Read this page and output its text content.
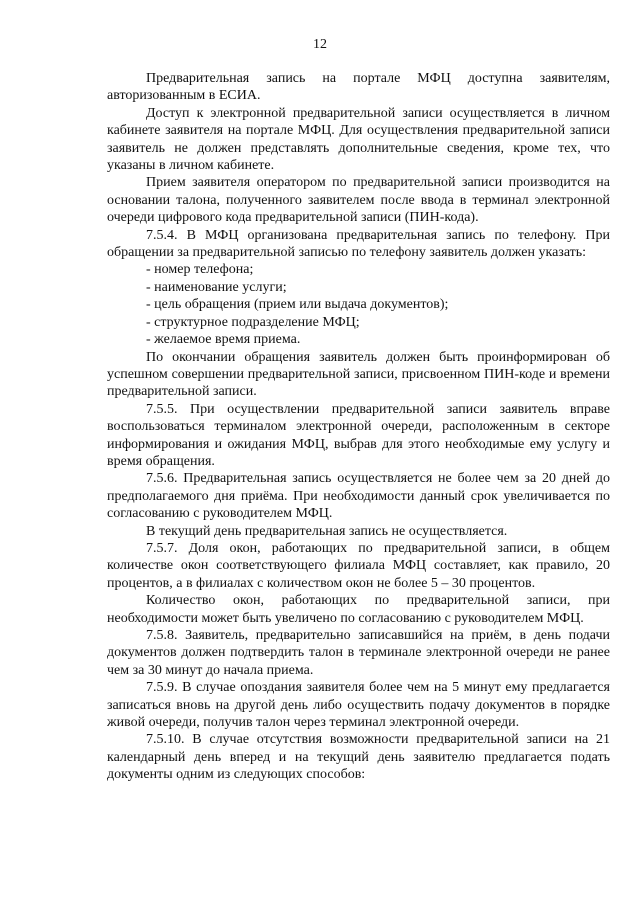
12

Предварительная запись на портале МФЦ доступна заявителям, авторизованным в ЕСИА.

Доступ к электронной предварительной записи осуществляется в личном кабинете заявителя на портале МФЦ. Для осуществления предварительной записи заявитель не должен представлять дополнительные сведения, кроме тех, что указаны в личном кабинете.

Прием заявителя оператором по предварительной записи производится на основании талона, полученного заявителем после ввода в терминал электронной очереди цифрового кода предварительной записи (ПИН-кода).

7.5.4. В МФЦ организована предварительная запись по телефону. При обращении за предварительной записью по телефону заявитель должен указать:

- номер телефона;

- наименование услуги;

- цель обращения (прием или выдача документов);

- структурное подразделение МФЦ;

- желаемое время приема.

По окончании обращения заявитель должен быть проинформирован об успешном совершении предварительной записи, присвоенном ПИН-коде и времени предварительной записи.

7.5.5. При осуществлении предварительной записи заявитель вправе воспользоваться терминалом электронной очереди, расположенным в секторе информирования и ожидания МФЦ, выбрав для этого необходимые ему услугу и время обращения.

7.5.6. Предварительная запись осуществляется не более чем за 20 дней до предполагаемого дня приёма. При необходимости данный срок увеличивается по согласованию с руководителем МФЦ.

В текущий день предварительная запись не осуществляется.

7.5.7. Доля окон, работающих по предварительной записи, в общем количестве окон соответствующего филиала МФЦ составляет, как правило, 20 процентов, а в филиалах с количеством окон не более 5 – 30 процентов.

Количество окон, работающих по предварительной записи, при необходимости может быть увеличено по согласованию с руководителем МФЦ.

7.5.8. Заявитель, предварительно записавшийся на приём, в день подачи документов должен подтвердить талон в терминале электронной очереди не ранее чем за 30 минут до начала приема.

7.5.9. В случае опоздания заявителя более чем на 5 минут ему предлагается записаться вновь на другой день либо осуществить подачу документов в порядке живой очереди, получив талон через терминал электронной очереди.

7.5.10. В случае отсутствия возможности предварительной записи на 21 календарный день вперед и на текущий день заявителю предлагается подать документы одним из следующих способов:
